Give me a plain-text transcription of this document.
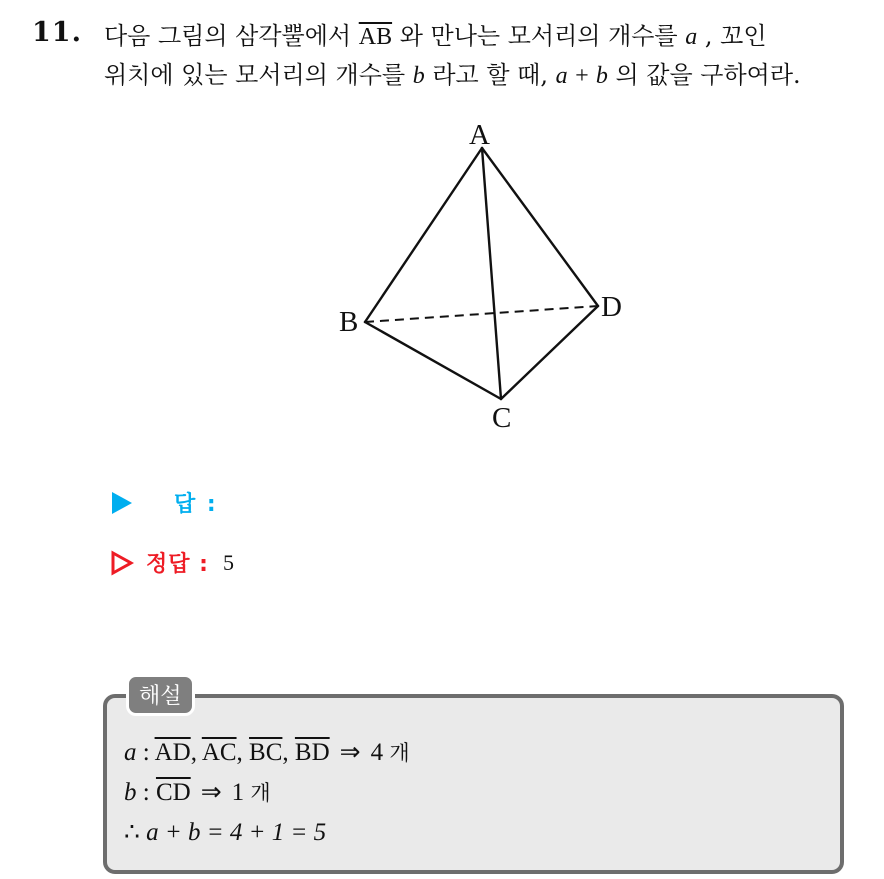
11. 다음 그림의 삼각뿔에서 $\overline{AB}$ 와 만나는 모서리의 개수를 a , 꼬인
위치에 있는 모서리의 개수를 b 라고 할 때, a + b 의 값을 구하여라.
A
B
C
D
답 :
정답 : 5
해설
a : $\overline{AD}$, $\overline{AC}$, $\overline{BC}$, $\overline{BD}$ ⇒ 4 개
b : $\overline{CD}$ ⇒ 1 개
∴ a + b = 4 + 1 = 5
